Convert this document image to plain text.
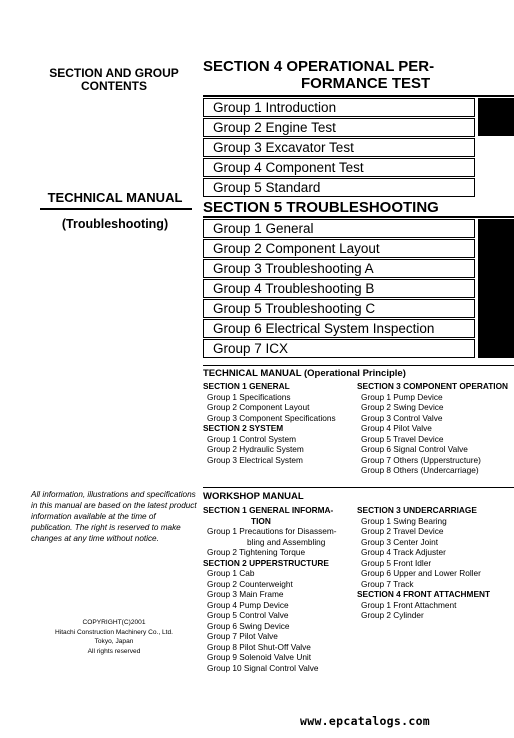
SECTION AND GROUP
CONTENTS
TECHNICAL MANUAL
(Troubleshooting)
All information, illustrations and specifications in this manual are based on the latest product information available at the time of publication. The right is reserved to make changes at any time without notice.
COPYRIGHT(C)2001
Hitachi Construction Machinery Co., Ltd.
Tokyo, Japan
All rights reserved
SECTION 4 OPERATIONAL PER-
FORMANCE TEST
Group 1 Introduction
Group 2 Engine Test
Group 3 Excavator Test
Group 4 Component Test
Group 5 Standard
SECTION 5 TROUBLESHOOTING
Group 1 General
Group 2 Component Layout
Group 3 Troubleshooting A
Group 4 Troubleshooting B
Group 5 Troubleshooting C
Group 6 Electrical System Inspection
Group 7 ICX
TECHNICAL MANUAL (Operational Principle)
SECTION 1 GENERAL
Group 1 Specifications
Group 2 Component Layout
Group 3 Component Specifications
SECTION 2 SYSTEM
Group 1 Control System
Group 2 Hydraulic System
Group 3 Electrical System
SECTION 3 COMPONENT OPERATION
Group 1 Pump Device
Group 2 Swing Device
Group 3 Control Valve
Group 4 Pilot Valve
Group 5 Travel Device
Group 6 Signal Control Valve
Group 7 Others (Upperstructure)
Group 8 Others (Undercarriage)
WORKSHOP MANUAL
SECTION 1 GENERAL INFORMA-
TION
Group 1 Precautions for Disassem-
bling and Assembling
Group 2 Tightening Torque
SECTION 2 UPPERSTRUCTURE
Group 1 Cab
Group 2 Counterweight
Group 3 Main Frame
Group 4 Pump Device
Group 5 Control Valve
Group 6 Swing Device
Group 7 Pilot Valve
Group 8 Pilot Shut-Off Valve
Group 9 Solenoid Valve Unit
Group 10 Signal Control Valve
SECTION 3 UNDERCARRIAGE
Group 1 Swing Bearing
Group 2 Travel Device
Group 3 Center Joint
Group 4 Track Adjuster
Group 5 Front Idler
Group 6 Upper and Lower Roller
Group 7 Track
SECTION 4 FRONT ATTACHMENT
Group 1 Front Attachment
Group 2 Cylinder
www.epcatalogs.com
